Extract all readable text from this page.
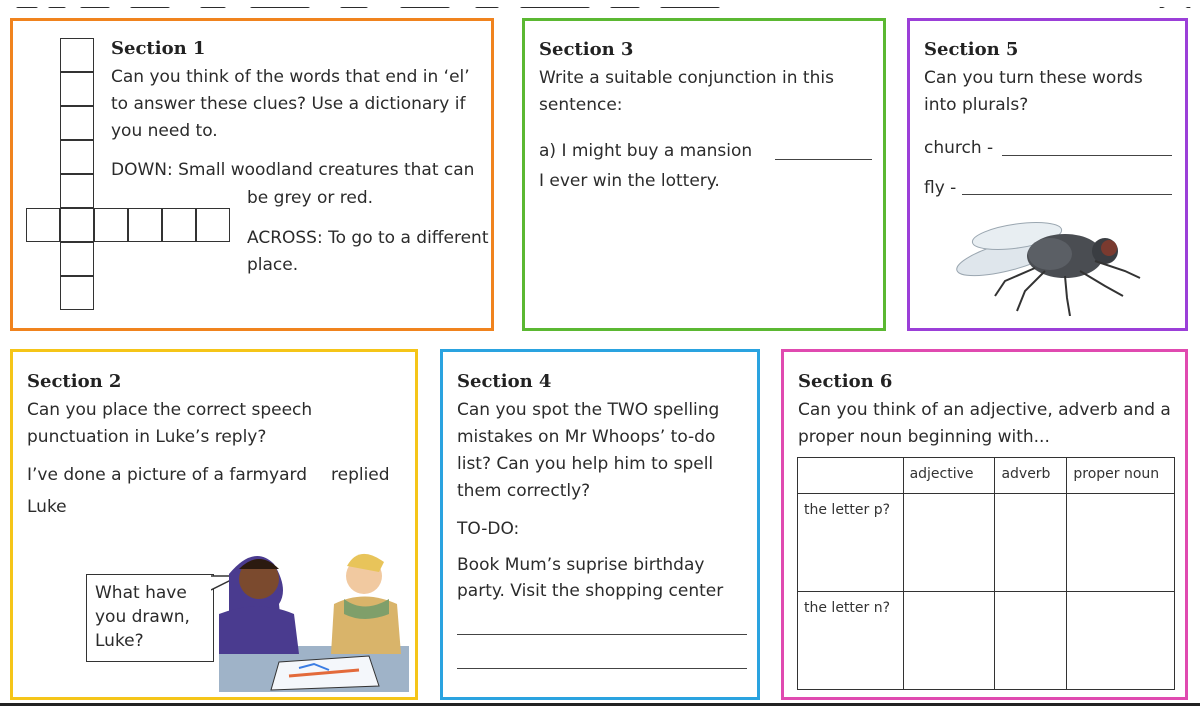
Section 1
Can you think of the words that end in ‘el’
to answer these clues? Use a dictionary if
you need to.
DOWN: Small woodland creatures that can
be grey or red.
ACROSS: To go to a different
place.
Section 3
Write a suitable conjunction in this
sentence:
a) I might buy a mansion
I ever win the lottery.
Section 5
Can you turn these words
into plurals?
church -
fly -
Section 2
Can you place the correct speech
punctuation in Luke’s reply?
I’ve done a picture of a farmyard replied
Luke
What have
you drawn,
Luke?
Section 4
Can you spot the TWO spelling
mistakes on Mr Whoops’ to-do
list? Can you help him to spell
them correctly?
TO-DO:
Book Mum’s suprise birthday
party. Visit the shopping center
Section 6
Can you think of an adjective, adverb and a
proper noun beginning with...
	adjective	adverb	proper noun
the letter p?			
the letter n?			
